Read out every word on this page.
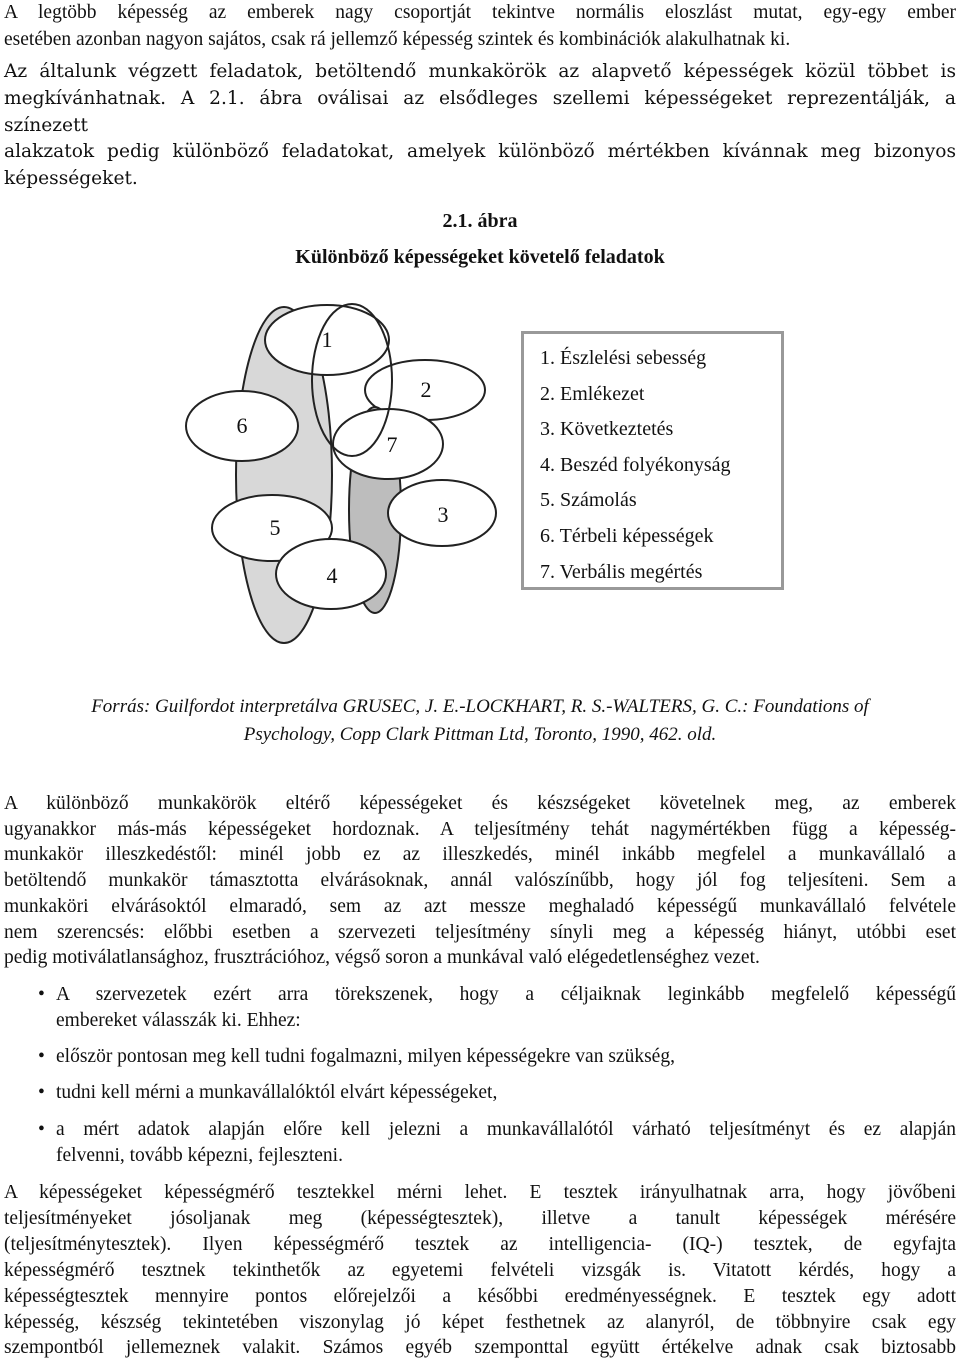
A legtöbb képesség az emberek nagy csoportját tekintve normális eloszlást mutat, egy-egy ember
esetében azonban nagyon sajátos, csak rá jellemző képesség szintek és kombinációk alakulhatnak ki.
Az általunk végzett feladatok, betöltendő munkakörök az alapvető képességek közül többet is
megkívánhatnak. A 2.1. ábra oválisai az elsődleges szellemi képességeket reprezentálják, a színezett
alakzatok pedig különböző feladatokat, amelyek különböző mértékben kívánnak meg bizonyos
képességeket.
2.1. ábra
Különböző képességeket követelő feladatok
1
2
3
4
5
6
7
1. Észlelési sebesség
2. Emlékezet
3. Következtetés
4. Beszéd folyékonyság
5. Számolás
6. Térbeli képességek
7. Verbális megértés
Forrás: Guilfordot interpretálva GRUSEC, J. E.-LOCKHART, R. S.-WALTERS, G. C.: Foundations of
Psychology, Copp Clark Pittman Ltd, Toronto, 1990, 462. old.
A különböző munkakörök eltérő képességeket és készségeket követelnek meg, az emberek
ugyanakkor más-más képességeket hordoznak. A teljesítmény tehát nagymértékben függ a képesség-
munkakör illeszkedéstől: minél jobb ez az illeszkedés, minél inkább megfelel a munkavállaló a
betöltendő munkakör támasztotta elvárásoknak, annál valószínűbb, hogy jól fog teljesíteni. Sem a
munkaköri elvárásoktól elmaradó, sem az azt messze meghaladó képességű munkavállaló felvétele
nem szerencsés: előbbi esetben a szervezeti teljesítmény sínyli meg a képesség hiányt, utóbbi eset
pedig motiválatlansághoz, frusztrációhoz, végső soron a munkával való elégedetlenséghez vezet.
• A szervezetek ezért arra törekszenek, hogy a céljaiknak leginkább megfelelő képességű
embereket válasszák ki. Ehhez:
• először pontosan meg kell tudni fogalmazni, milyen képességekre van szükség,
• tudni kell mérni a munkavállalóktól elvárt képességeket,
• a mért adatok alapján előre kell jelezni a munkavállalótól várható teljesítményt és ez alapján
felvenni, tovább képezni, fejleszteni.
A képességeket képességmérő tesztekkel mérni lehet. E tesztek irányulhatnak arra, hogy jövőbeni
teljesítményeket jósoljanak meg (képességtesztek), illetve a tanult képességek mérésére
(teljesítménytesztek). Ilyen képességmérő tesztek az intelligencia- (IQ-) tesztek, de egyfajta
képességmérő tesztnek tekinthetők az egyetemi felvételi vizsgák is. Vitatott kérdés, hogy a
képességtesztek mennyire pontos előrejelzői a későbbi eredményességnek. E tesztek egy adott
képesség, készség tekintetében viszonylag jó képet festhetnek az alanyról, de többnyire csak egy
szempontból jellemeznek valakit. Számos egyéb szemponttal együtt értékelve adnak csak biztosabb
